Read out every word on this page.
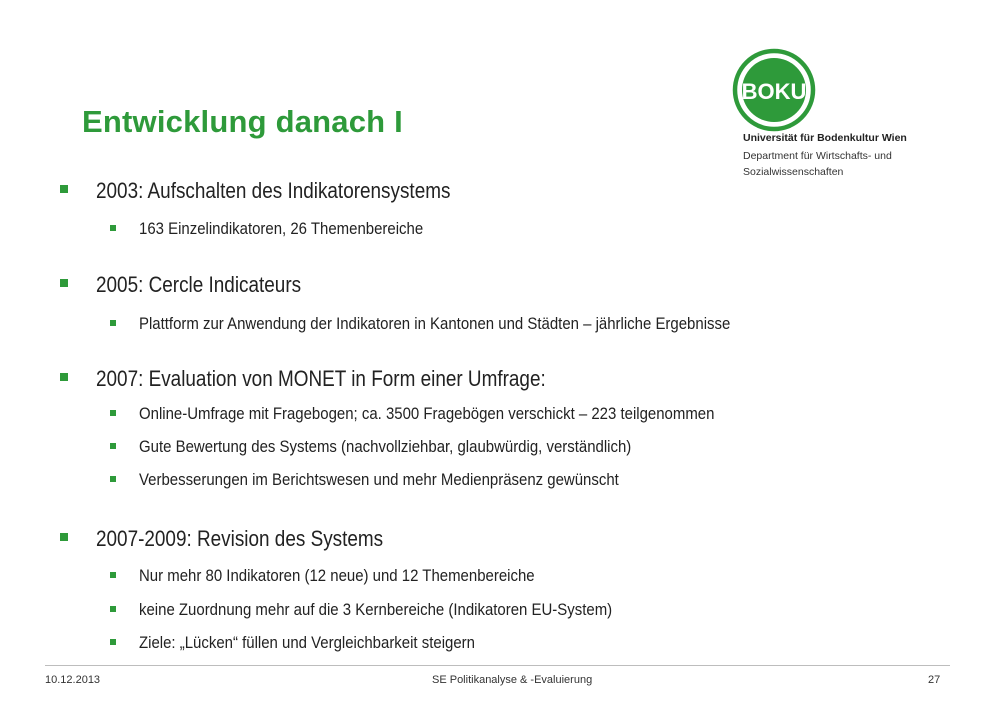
Entwicklung danach I
BOKU
Universität für Bodenkultur Wien
Department für Wirtschafts- und
Sozialwissenschaften
2003: Aufschalten des Indikatorensystems
163 Einzelindikatoren, 26 Themenbereiche
2005: Cercle Indicateurs
Plattform zur Anwendung der Indikatoren in Kantonen und Städten – jährliche Ergebnisse
2007: Evaluation von MONET in Form einer Umfrage:
Online-Umfrage mit Fragebogen; ca. 3500 Fragebögen verschickt – 223 teilgenommen
Gute Bewertung des Systems (nachvollziehbar, glaubwürdig, verständlich)
Verbesserungen im Berichtswesen und mehr Medienpräsenz gewünscht
2007-2009: Revision des Systems
Nur mehr 80 Indikatoren (12 neue) und 12 Themenbereiche
keine Zuordnung mehr auf die 3 Kernbereiche (Indikatoren EU-System)
Ziele: „Lücken“ füllen und Vergleichbarkeit steigern
10.12.2013	SE Politikanalyse & -Evaluierung	27
